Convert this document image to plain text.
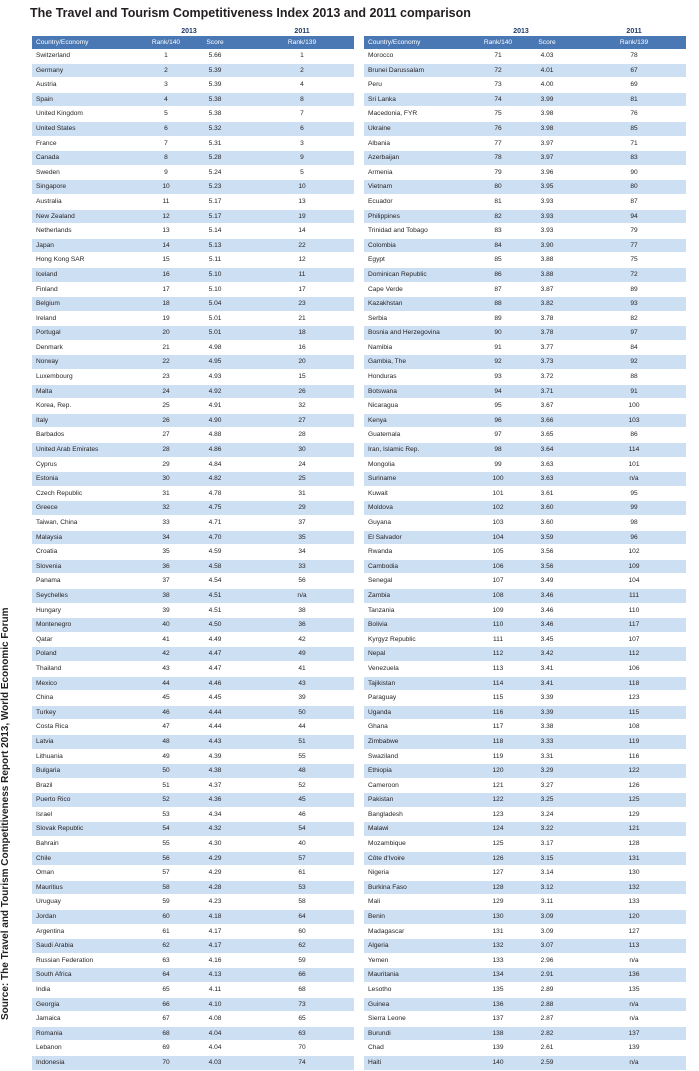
The Travel and Tourism Competitiveness Index 2013 and 2011 comparison
Source: The Travel and Tourism Competitiveness Report 2013, World Economic Forum
	2013			2011
Country/Economy	Rank/140	Score		Rank/139
Switzerland	1	5.66		1
Germany	2	5.39		2
Austria	3	5.39		4
Spain	4	5.38		8
United Kingdom	5	5.38		7
United States	6	5.32		6
France	7	5.31		3
Canada	8	5.28		9
Sweden	9	5.24		5
Singapore	10	5.23		10
Australia	11	5.17		13
New Zealand	12	5.17		19
Netherlands	13	5.14		14
Japan	14	5.13		22
Hong Kong SAR	15	5.11		12
Iceland	16	5.10		11
Finland	17	5.10		17
Belgium	18	5.04		23
Ireland	19	5.01		21
Portugal	20	5.01		18
Denmark	21	4.98		16
Norway	22	4.95		20
Luxembourg	23	4.93		15
Malta	24	4.92		26
Korea, Rep.	25	4.91		32
Italy	26	4.90		27
Barbados	27	4.88		28
United Arab Emirates	28	4.86		30
Cyprus	29	4.84		24
Estonia	30	4.82		25
Czech Republic	31	4.78		31
Greece	32	4.75		29
Taiwan, China	33	4.71		37
Malaysia	34	4.70		35
Croatia	35	4.59		34
Slovenia	36	4.58		33
Panama	37	4.54		56
Seychelles	38	4.51		n/a
Hungary	39	4.51		38
Montenegro	40	4.50		36
Qatar	41	4.49		42
Poland	42	4.47		49
Thailand	43	4.47		41
Mexico	44	4.46		43
China	45	4.45		39
Turkey	46	4.44		50
Costa Rica	47	4.44		44
Latvia	48	4.43		51
Lithuania	49	4.39		55
Bulgaria	50	4.38		48
Brazil	51	4.37		52
Puerto Rico	52	4.36		45
Israel	53	4.34		46
Slovak Republic	54	4.32		54
Bahrain	55	4.30		40
Chile	56	4.29		57
Oman	57	4.29		61
Mauritius	58	4.28		53
Uruguay	59	4.23		58
Jordan	60	4.18		64
Argentina	61	4.17		60
Saudi Arabia	62	4.17		62
Russian Federation	63	4.16		59
South Africa	64	4.13		66
India	65	4.11		68
Georgia	66	4.10		73
Jamaica	67	4.08		65
Romania	68	4.04		63
Lebanon	69	4.04		70
Indonesia	70	4.03		74
	2013			2011
Country/Economy	Rank/140	Score		Rank/139
Morocco	71	4.03		78
Brunei Darussalam	72	4.01		67
Peru	73	4.00		69
Sri Lanka	74	3.99		81
Macedonia, FYR	75	3.98		76
Ukraine	76	3.98		85
Albania	77	3.97		71
Azerbaijan	78	3.97		83
Armenia	79	3.96		90
Vietnam	80	3.95		80
Ecuador	81	3.93		87
Philippines	82	3.93		94
Trinidad and Tobago	83	3.93		79
Colombia	84	3.90		77
Egypt	85	3.88		75
Dominican Republic	86	3.88		72
Cape Verde	87	3.87		89
Kazakhstan	88	3.82		93
Serbia	89	3.78		82
Bosnia and Herzegovina	90	3.78		97
Namibia	91	3.77		84
Gambia, The	92	3.73		92
Honduras	93	3.72		88
Botswana	94	3.71		91
Nicaragua	95	3.67		100
Kenya	96	3.66		103
Guatemala	97	3.65		86
Iran, Islamic Rep.	98	3.64		114
Mongolia	99	3.63		101
Suriname	100	3.63		n/a
Kuwait	101	3.61		95
Moldova	102	3.60		99
Guyana	103	3.60		98
El Salvador	104	3.59		96
Rwanda	105	3.56		102
Cambodia	106	3.56		109
Senegal	107	3.49		104
Zambia	108	3.46		111
Tanzania	109	3.46		110
Bolivia	110	3.46		117
Kyrgyz Republic	111	3.45		107
Nepal	112	3.42		112
Venezuela	113	3.41		106
Tajikistan	114	3.41		118
Paraguay	115	3.39		123
Uganda	116	3.39		115
Ghana	117	3.38		108
Zimbabwe	118	3.33		119
Swaziland	119	3.31		116
Ethiopia	120	3.29		122
Cameroon	121	3.27		126
Pakistan	122	3.25		125
Bangladesh	123	3.24		129
Malawi	124	3.22		121
Mozambique	125	3.17		128
Côte d'Ivoire	126	3.15		131
Nigeria	127	3.14		130
Burkina Faso	128	3.12		132
Mali	129	3.11		133
Benin	130	3.09		120
Madagascar	131	3.09		127
Algeria	132	3.07		113
Yemen	133	2.96		n/a
Mauritania	134	2.91		136
Lesotho	135	2.89		135
Guinea	136	2.88		n/a
Sierra Leone	137	2.87		n/a
Burundi	138	2.82		137
Chad	139	2.61		139
Haiti	140	2.59		n/a
